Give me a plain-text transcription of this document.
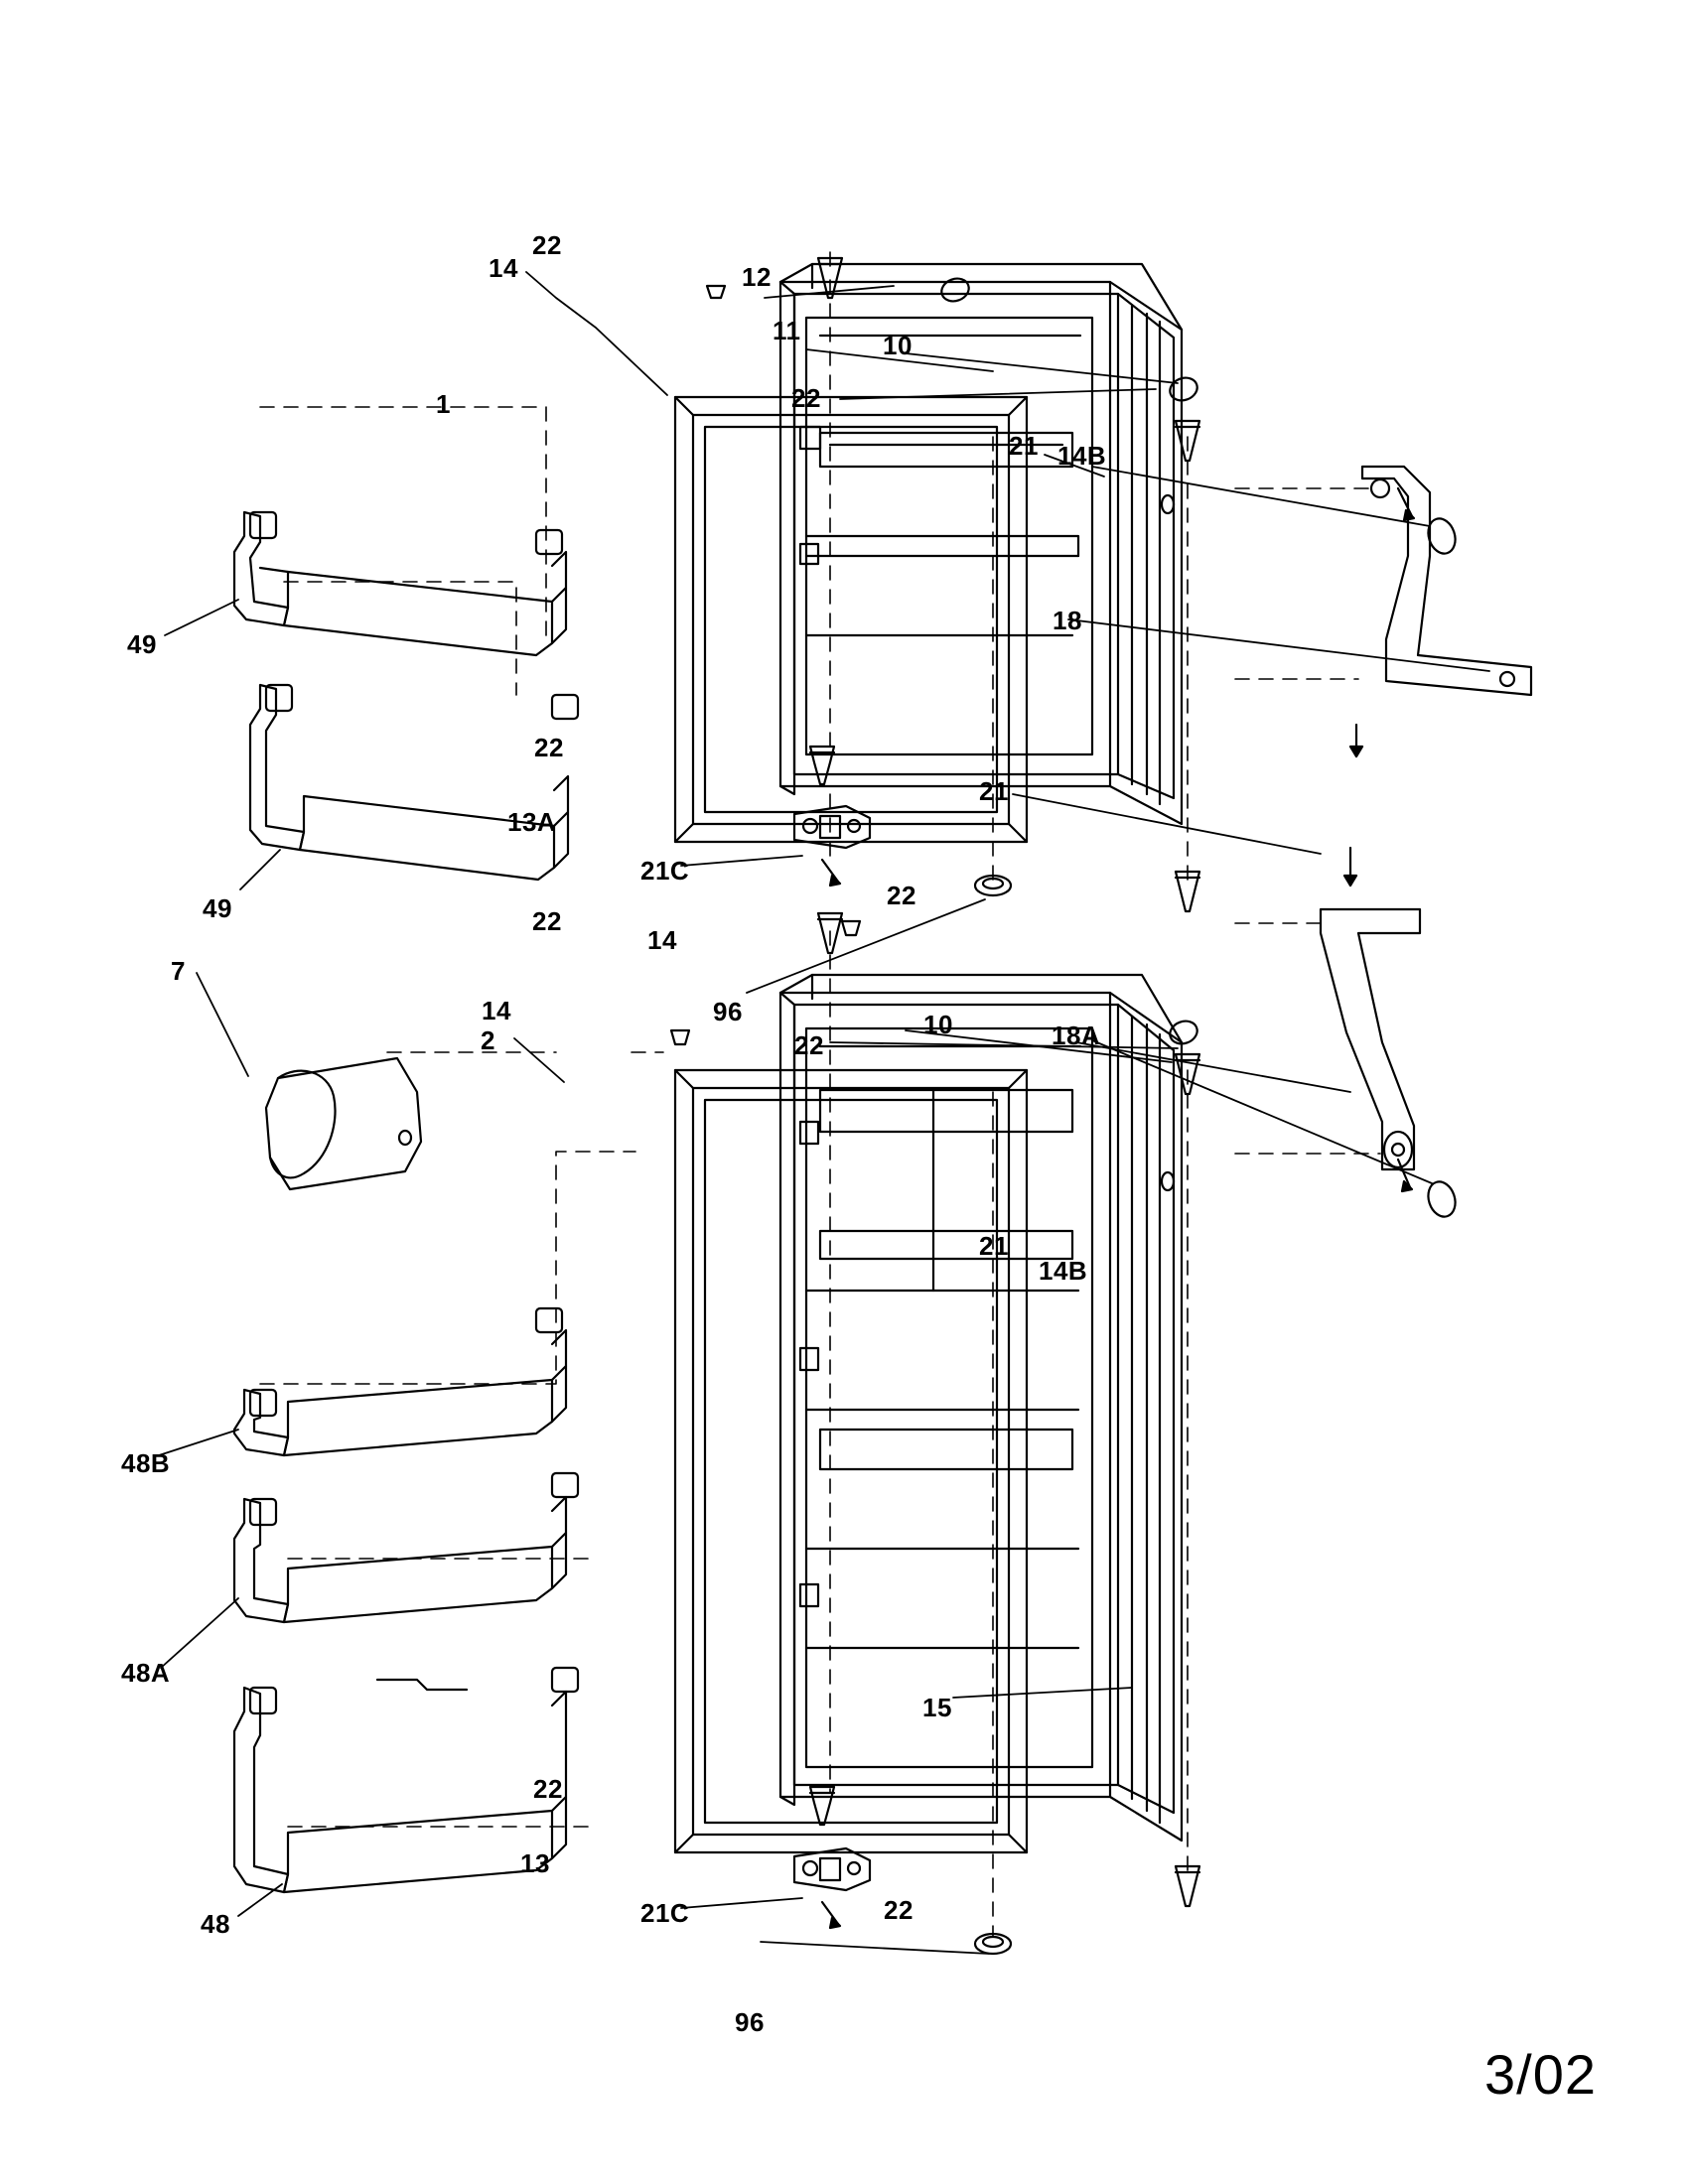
14
22
12
11
22
10
21 14B
1
18
49
21
22
13A
21C
49	22
96
22
14
14
7
2
10
22	18A
21
14B
48B
48A
15
22
13
21C
48	22
96
3/02
